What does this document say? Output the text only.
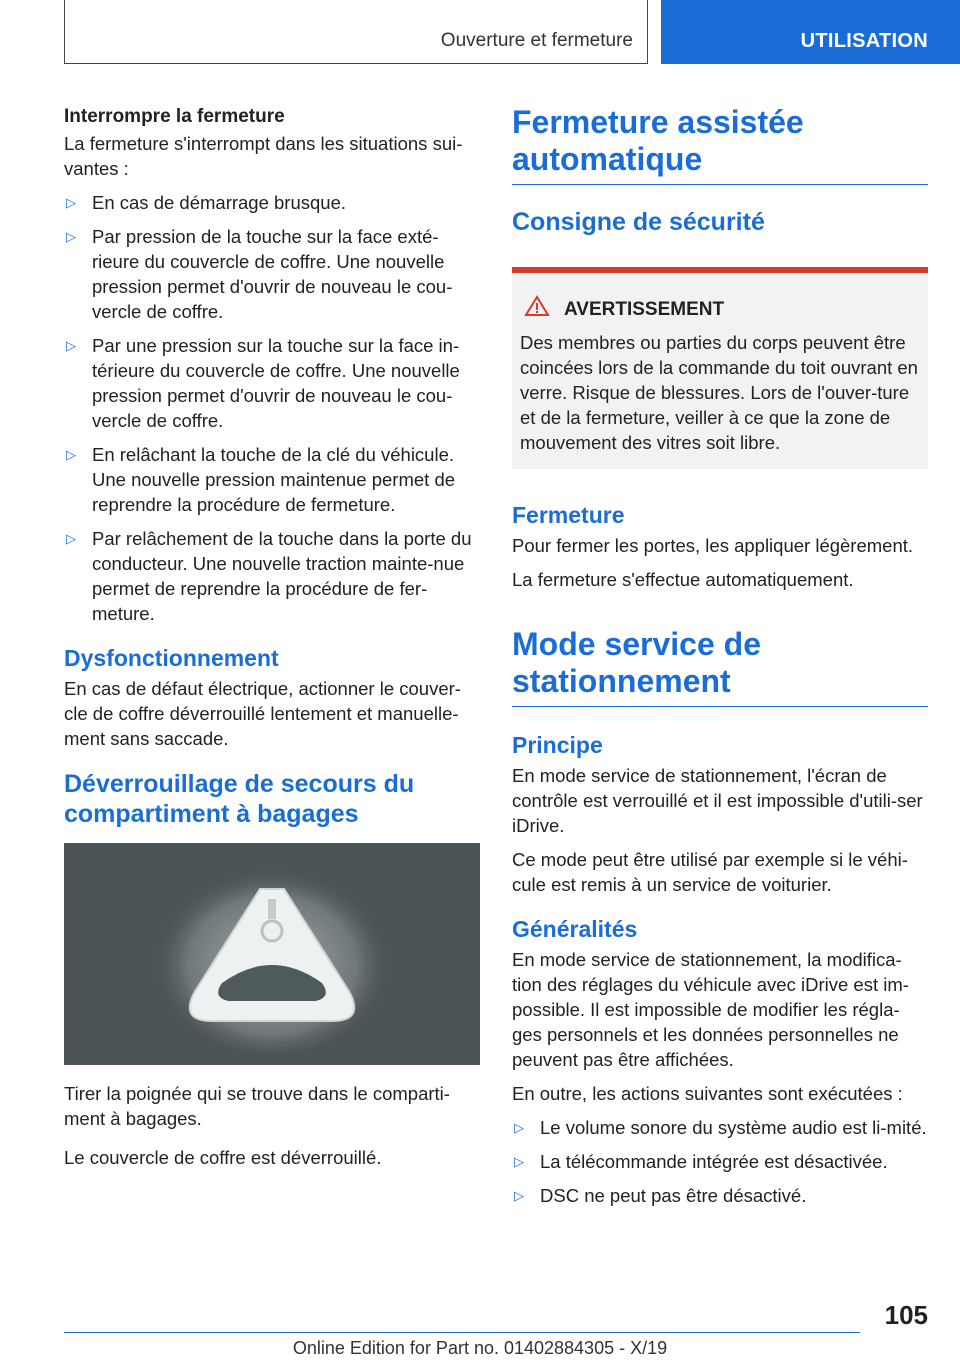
Ouverture et fermeture	UTILISATION
Interrompre la fermeture

La fermeture s'interrompt dans les situations sui-vantes :

▷ En cas de démarrage brusque.
▷ Par pression de la touche sur la face exté-rieure du couvercle de coffre. Une nouvelle pression permet d'ouvrir de nouveau le cou-vercle de coffre.
▷ Par une pression sur la touche sur la face in-térieure du couvercle de coffre. Une nouvelle pression permet d'ouvrir de nouveau le cou-vercle de coffre.
▷ En relâchant la touche de la clé du véhicule. Une nouvelle pression maintenue permet de reprendre la procédure de fermeture.
▷ Par relâchement de la touche dans la porte du conducteur. Une nouvelle traction mainte-nue permet de reprendre la procédure de fer-meture.
Dysfonctionnement

En cas de défaut électrique, actionner le couver-cle de coffre déverrouillé lentement et manuelle-ment sans saccade.

Déverrouillage de secours du compartiment à bagages

Tirer la poignée qui se trouve dans le comparti-ment à bagages.

Le couvercle de coffre est déverrouillé.

Fermeture assistée automatique
Consigne de sécurité
AVERTISSEMENT

Des membres ou parties du corps peuvent être coincées lors de la commande du toit ouvrant en verre. Risque de blessures. Lors de l'ouver-ture et de la fermeture, veiller à ce que la zone de mouvement des vitres soit libre.

Fermeture

Pour fermer les portes, les appliquer légèrement.

La fermeture s'effectue automatiquement.

Mode service de stationnement
Principe

En mode service de stationnement, l'écran de contrôle est verrouillé et il est impossible d'utili-ser iDrive.

Ce mode peut être utilisé par exemple si le véhi-cule est remis à un service de voiturier.

Généralités

En mode service de stationnement, la modifica-tion des réglages du véhicule avec iDrive est im-possible. Il est impossible de modifier les régla-ges personnels et les données personnelles ne peuvent pas être affichées.

En outre, les actions suivantes sont exécutées :

▷ Le volume sonore du système audio est li-mité.
▷ La télécommande intégrée est désactivée.
▷ DSC ne peut pas être désactivé.
105
Online Edition for Part no. 01402884305 - X/19
